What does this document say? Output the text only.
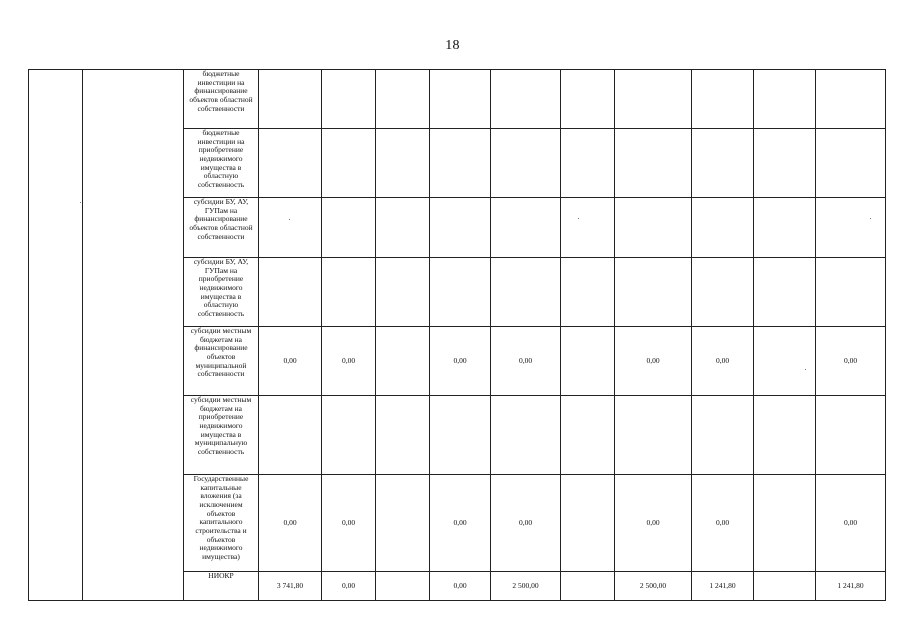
18
		бюджетные инвестиции на финансирование объектов областной собственности	

		бюджетные инвестиции на приобретение недвижимого имущества в областную собственность	

		субсидии БУ, АУ, ГУПам на финансирование объектов областной собственности	

		субсидии БУ, АУ, ГУПам на приобретение недвижимого имущества в областную собственность	

		субсидии местным бюджетам на финансирование объектов муниципальной собственности	0,00	0,00		0,00	0,00		0,00	0,00		0,00

		субсидии местным бюджетам на приобретение недвижимого имущества в муниципальную собственность	

		Государственные капитальные вложения (за исключением объектов капитального строительства и объектов недвижимого имущества)	0,00	0,00		0,00	0,00		0,00	0,00		0,00

		НИОКР	3 741,80	0,00		0,00	2 500,00		2 500,00	1 241,80		1 241,80
